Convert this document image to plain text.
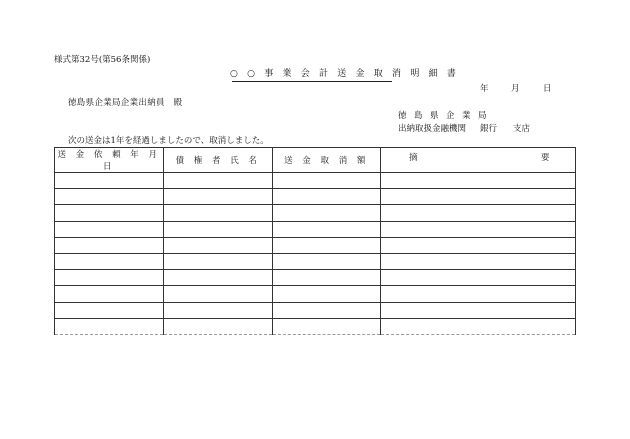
様式第32号(第56条関係)
○ ○ 事 業 会 計 送 金 取 消 明 細 書
年	月	日
徳島県企業局企業出納員　殿
徳 島 県 企 業 局
出納取扱金融機関 銀行 支店
次の送金は1年を経過しましたので、取消しました。
送 金 依 頼 年 月 日	債 権 者 氏 名	送 金 取 消 額	摘 要
